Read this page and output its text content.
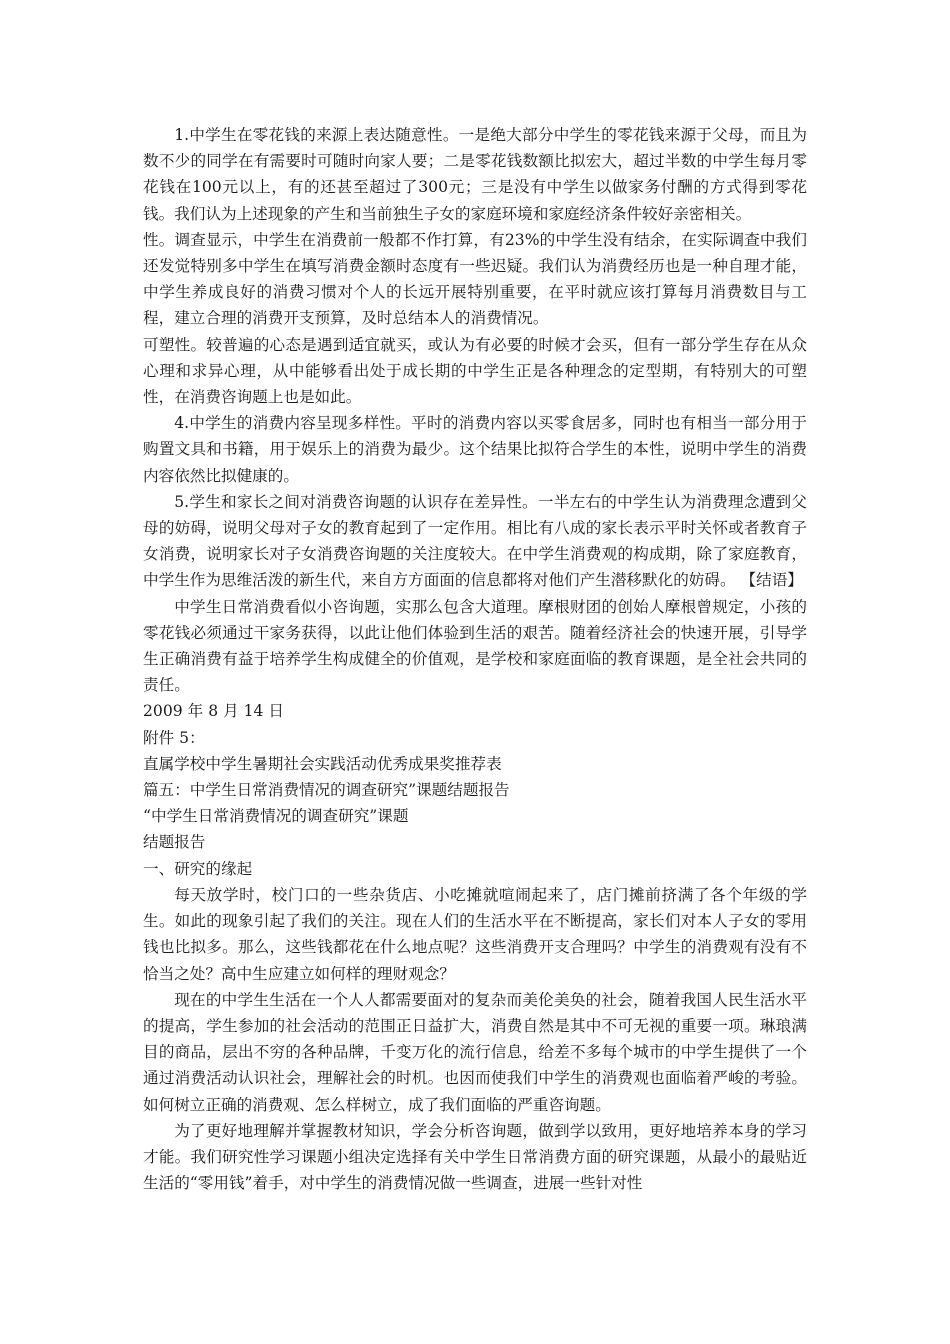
1.中学生在零花钱的来源上表达随意性。一是绝大部分中学生的零花钱来源于父母，而且为数不少的同学在有需要时可随时向家人要；二是零花钱数额比拟宏大，超过半数的中学生每月零花钱在100元以上，有的还甚至超过了300元；三是没有中学生以做家务付酬的方式得到零花钱。我们认为上述现象的产生和当前独生子女的家庭环境和家庭经济条件较好亲密相关。

性。调查显示，中学生在消费前一般都不作打算，有23%的中学生没有结余，在实际调查中我们还发觉特别多中学生在填写消费金额时态度有一些迟疑。我们认为消费经历也是一种自理才能，中学生养成良好的消费习惯对个人的长远开展特别重要，在平时就应该打算每月消费数目与工程，建立合理的消费开支预算，及时总结本人的消费情况。

可塑性。较普遍的心态是遇到适宜就买，或认为有必要的时候才会买，但有一部分学生存在从众心理和求异心理，从中能够看出处于成长期的中学生正是各种理念的定型期，有特别大的可塑性，在消费咨询题上也是如此。

4.中学生的消费内容呈现多样性。平时的消费内容以买零食居多，同时也有相当一部分用于购置文具和书籍，用于娱乐上的消费为最少。这个结果比拟符合学生的本性，说明中学生的消费内容依然比拟健康的。

5.学生和家长之间对消费咨询题的认识存在差异性。一半左右的中学生认为消费理念遭到父母的妨碍，说明父母对子女的教育起到了一定作用。相比有八成的家长表示平时关怀或者教育子女消费，说明家长对子女消费咨询题的关注度较大。在中学生消费观的构成期，除了家庭教育，中学生作为思维活泼的新生代，来自方方面面的信息都将对他们产生潜移默化的妨碍。 【结语】

中学生日常消费看似小咨询题，实那么包含大道理。摩根财团的创始人摩根曾规定，小孩的零花钱必须通过干家务获得，以此让他们体验到生活的艰苦。随着经济社会的快速开展，引导学生正确消费有益于培养学生构成健全的价值观，是学校和家庭面临的教育课题，是全社会共同的责任。

2009 年 8 月 14 日

附件 5：

直属学校中学生暑期社会实践活动优秀成果奖推荐表

篇五：中学生日常消费情况的调查研究”课题结题报告

“中学生日常消费情况的调查研究”课题

结题报告

一、研究的缘起

每天放学时，校门口的一些杂货店、小吃摊就喧闹起来了，店门摊前挤满了各个年级的学生。如此的现象引起了我们的关注。现在人们的生活水平在不断提高，家长们对本人子女的零用钱也比拟多。那么，这些钱都花在什么地点呢？这些消费开支合理吗？中学生的消费观有没有不恰当之处？高中生应建立如何样的理财观念？

现在的中学生生活在一个人人都需要面对的复杂而美伦美奂的社会，随着我国人民生活水平的提高，学生参加的社会活动的范围正日益扩大，消费自然是其中不可无视的重要一项。琳琅满目的商品，层出不穷的各种品牌，千变万化的流行信息，给差不多每个城市的中学生提供了一个通过消费活动认识社会，理解社会的时机。也因而使我们中学生的消费观也面临着严峻的考验。如何树立正确的消费观、怎么样树立，成了我们面临的严重咨询题。

为了更好地理解并掌握教材知识，学会分析咨询题，做到学以致用，更好地培养本身的学习才能。我们研究性学习课题小组决定选择有关中学生日常消费方面的研究课题，从最小的最贴近生活的“零用钱”着手，对中学生的消费情况做一些调查，进展一些针对性
